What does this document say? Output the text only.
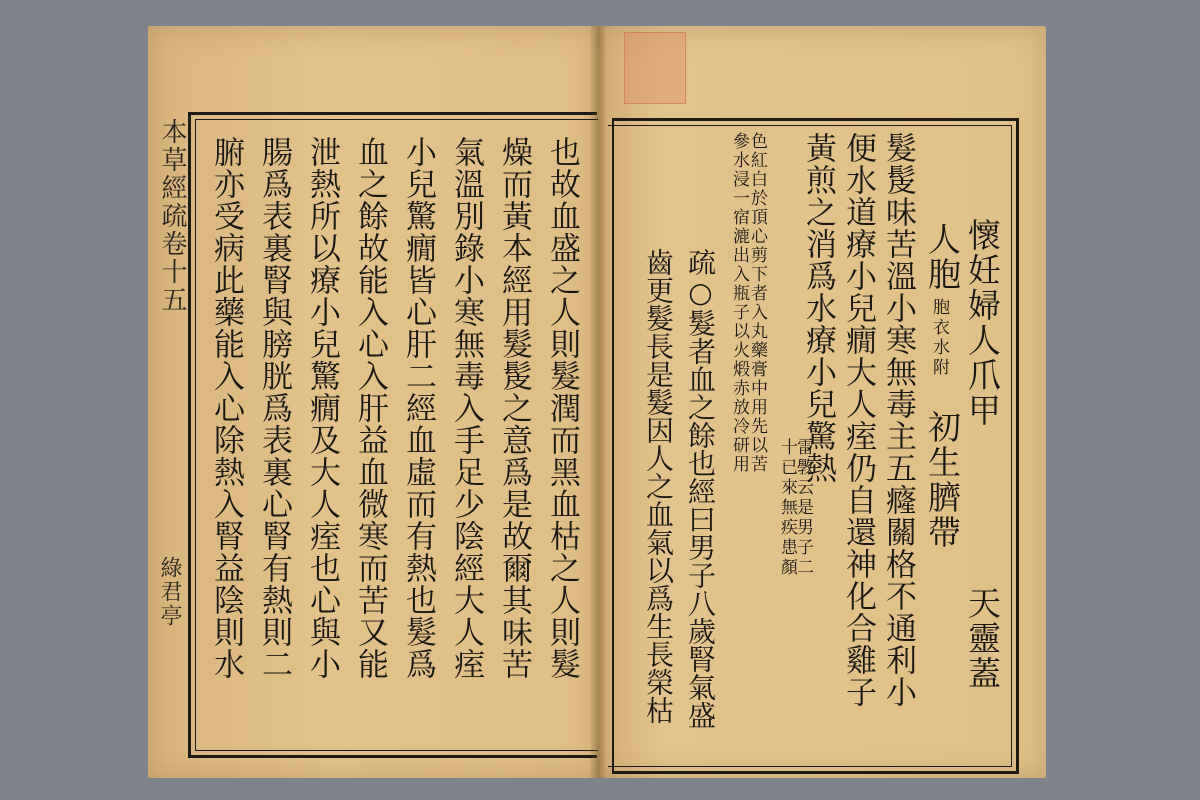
本草經疏卷十五
綠君亭	也故血盛之人則髮潤而黑血枯之人則髮
燥而黃本經用髮髲之意爲是故爾其味苦
氣溫別錄小寒無毒入手足少陰經大人痓
小兒驚癇皆心肝二經血虛而有熱也髮爲
血之餘故能入心入肝益血微寒而苦又能
泄熱所以療小兒驚癇及大人痓也心與小
腸爲表裏腎與膀胱爲表裏心腎有熱則二
腑亦受病此藥能入心除熱入腎益陰則水	懷妊婦人爪甲
天靈蓋
人胞
胞衣水附
初生臍帶
髮髲味苦溫小寒無毒主五癃關格不通利小
便水道療小兒癇大人痓仍自還神化合雞子
黃煎之消爲水療小兒驚熱
雷斆云是男子二
十已來無疾患顏
色紅白於頂心剪下者入丸藥膏中用先以苦
參水浸一宿漉出入瓶子以火煅赤放冷研用
疏○髮者血之餘也經曰男子八歲腎氣盛
齒更髮長是髮因人之血氣以爲生長榮枯
